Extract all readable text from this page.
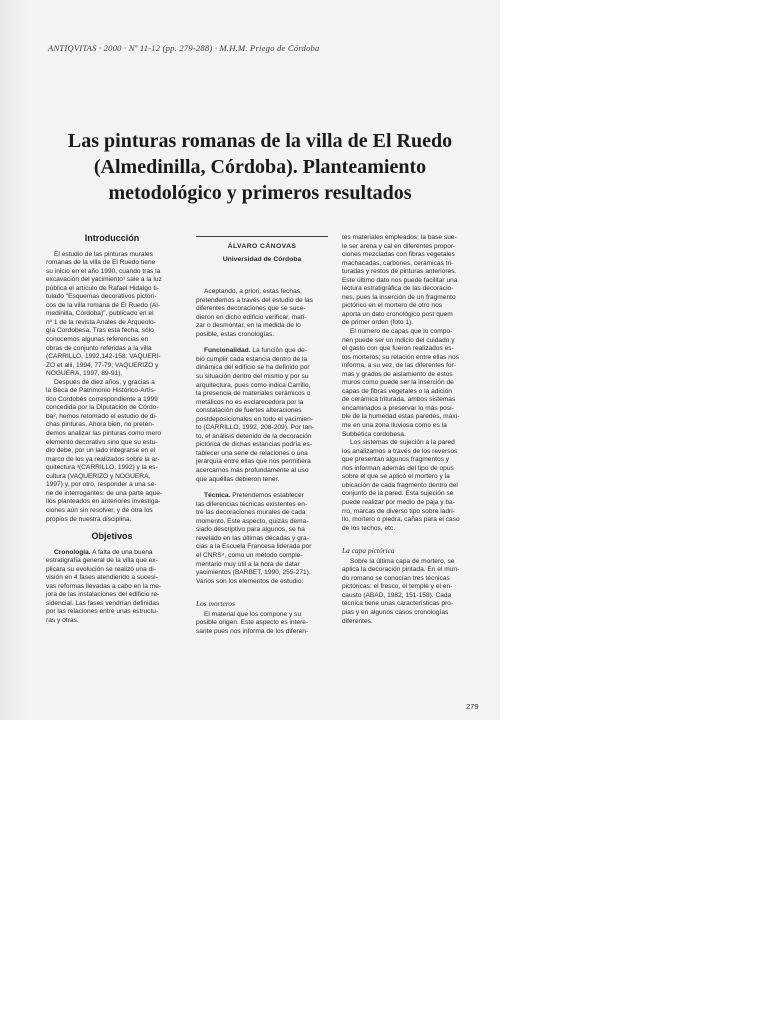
ANTIQVITAS · 2000 · Nº 11-12 (pp. 279-288) · M.H.M. Priego de Córdoba
Las pinturas romanas de la villa de El Ruedo
(Almedinilla, Córdoba). Planteamiento
metodológico y primeros resultados
Introducción

El estudio de las pinturas murales

romanas de la villa de El Ruedo tiene

su inicio en el año 1990, cuando tras la

excavación del yacimiento¹ sale a la luz

pública el artículo de Rafael Hidalgo ti-

tulado "Esquemas decorativos pictóri-

cos de la villa romana de El Ruedo (Al-

medinilla, Córdoba)", publicado en el

nº 1 de la revista Anales de Arqueolo-

gía Cordobesa. Tras esta fecha, sólo

conocemos algunas referencias en

obras de conjunto referidas a la villa

(CARRILLO, 1992,142-158; VAQUERI-

ZO et alii, 1994, 77-79; VAQUERIZO y

NOGUERA, 1997, 89-91).

Después de diez años, y gracias a

la Beca de Patrimonio Histórico-Artís-

tico Cordobés correspondiente a 1999

concedida por la Diputación de Córdo-

ba², hemos retomado el estudio de di-

chas pinturas. Ahora bien, no preten-

demos analizar las pinturas como mero

elemento decorativo sino que su estu-

dio debe, por un lado integrarse en el

marco de los ya realizados sobre la ar-

quitectura ³(CARRILLO, 1992) y la es-

cultura (VAQUERIZO y NOGUERA,

1997) y, por otro, responder a una se-

rie de interrogantes: de una parte aque-

llos planteados en anteriores investiga-

ciones aún sin resolver, y de otra los

propios de nuestra disciplina.

Objetivos

Cronología. A falta de una buena

estratigrafía general de la villa que ex-

plicara su evolución se realizó una di-

visión en 4 fases atendiendo a sucesi-

vas reformas llevadas a cabo en la me-

jora de las instalaciones del edificio re-

sidencial. Las fases vendrían definidas

por las relaciones entre unas estructu-

ras y otras.

ÁLVARO CÁNOVAS
Universidad de Córdoba

Aceptando, a priori, estas fechas,

pretendemos a través del estudio de las

diferentes decoraciones que se suce-

dieron en dicho edificio verificar, matí-

zar o desmontar, en la medida de lo

posible, estas cronologías.

Funcionalidad. La función que de-

bió cumplir cada estancia dentro de la

dinámica del edificio se ha definido por

su situación dentro del mismo y por su

arquitectura, pues como indica Carrillo,

la presencia de materiales cerámicos o

metálicos no es esclarecedora por la

constatación de fuertes alteraciones

postdeposicionales en todo el yacimien-

to (CARRILLO, 1992, 208-209). Por tan-

to, el análisis detenido de la decoración

pictórica de dichas estancias podría es-

tablecer una serie de relaciones o una

jerarquía entre ellas que nos permitiera

acercarnos más profundamente al uso

que aquéllas debieron tener.

Técnica. Pretendemos establecer

las diferencias técnicas existentes en-

tre las decoraciones murales de cada

momento. Este aspecto, quizás dema-

siado descriptivo para algunos, se ha

revelado en las últimas décadas y gra-

cias a la Escuela Francesa liderada por

el CNRS⁴, como un método comple-

mentario muy útil a la hora de datar

yacimientos (BARBET, 1990, 255-271).

Varios son los elementos de estudio:

Los morteros

El material que los compone y su

posible origen. Este aspecto es intere-

sante pues nos informa de los diferen-

tes materiales empleados; la base sue-

le ser arena y cal en diferentes propor-

ciones mezcladas con fibras vegetales

machacadas, carbones, cerámicas tri-

turadas y restos de pinturas anteriores.

Este último dato nos puede facilitar una

lectura estratigráfica de las decoracio-

nes, pues la inserción de un fragmento

pictórico en el mortero de otro nos

aporta un dato cronológico post quem

de primer orden (foto 1).

El número de capas que lo compo-

nen puede ser un indicio del cuidado y

el gasto con que fueron realizados es-

tos morteros; su relación entre ellas nos

informa, a su vez, de las diferentes for-

mas y grados de aislamiento de estos

muros como puede ser la inserción de

capas de fibras vegetales o la adición

de cerámica triturada, ambos sistemas

encaminados a preservar lo más posi-

ble de la humedad estas paredes, máxi-

me en una zona lluviosa como es la

Subbética cordobesa.

Los sistemas de sujeción a la pared

los analizamos a través de los reversos

que presentan algunos fragmentos y

nos informan además del tipo de opus

sobre el que se aplicó el mortero y la

ubicación de cada fragmento dentro del

conjunto de la pared. Esta sujeción se

puede realizar por medio de paja y ba-

rro, marcas de diverso tipo sobre ladri-

llo, mortero o piedra, cañas para el caso

de los techos, etc.

La capa pictórica

Sobre la última capa de mortero, se

aplica la decoración pintada. En el mun-

do romano se conocían tres técnicas

pictóricas: el fresco, el temple y el en-

causto (ABAD, 1982, 151-158). Cada

técnica tiene unas características pro-

pias y en algunos casos cronologías

diferentes.

279
